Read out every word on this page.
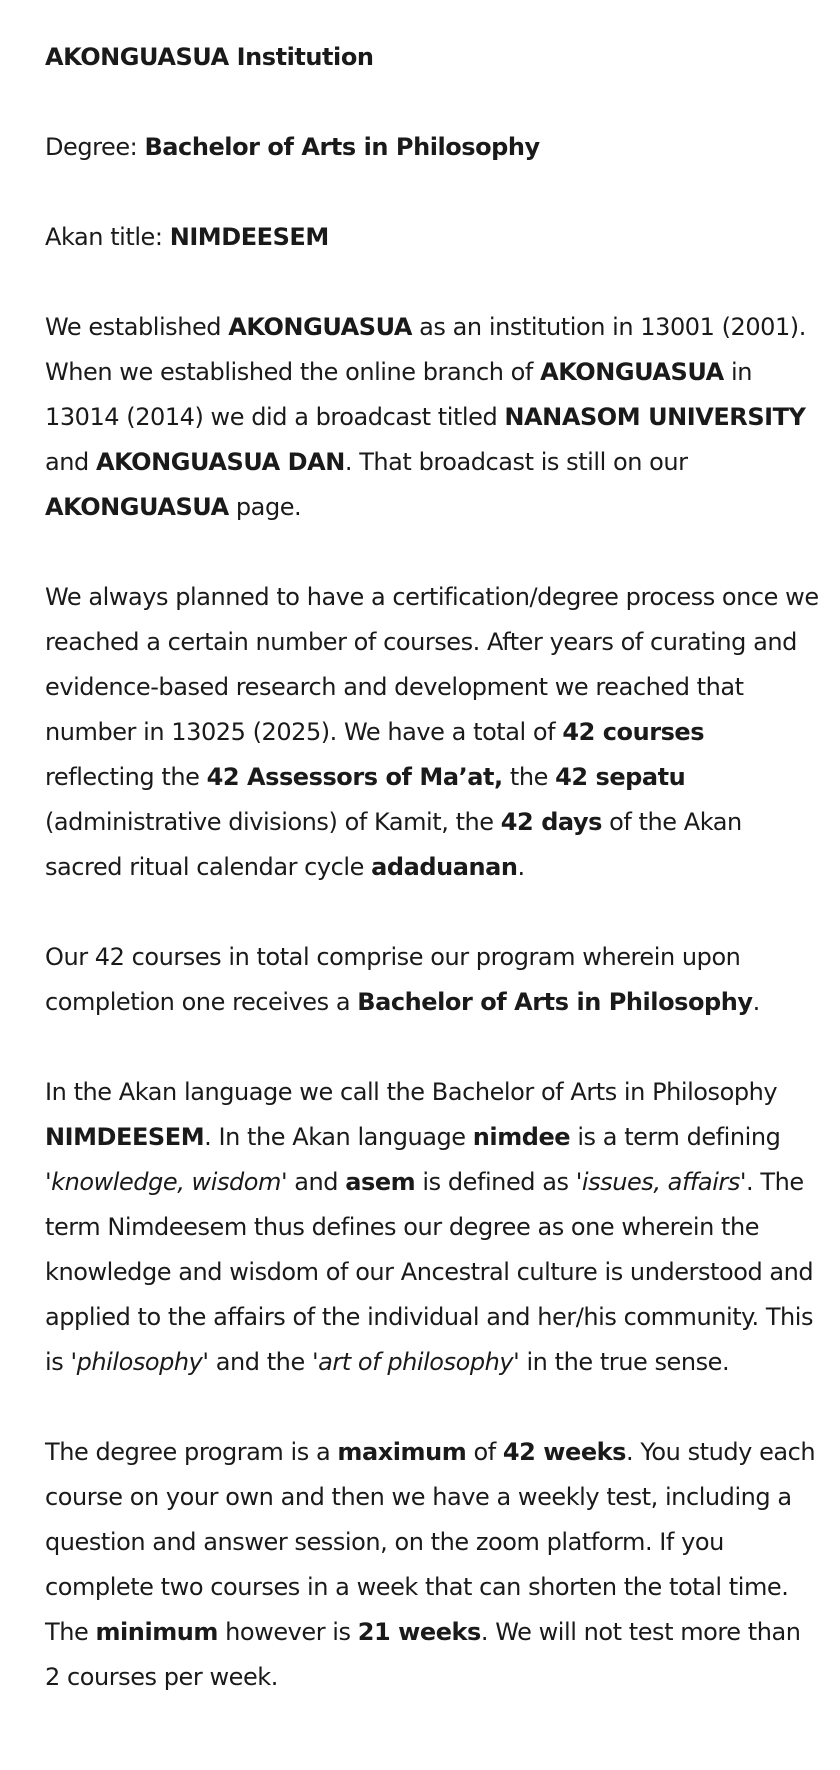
AKONGUASUA Institution

Degree: Bachelor of Arts in Philosophy

Akan title: NIMDEESEM

We established AKONGUASUA as an institution in 13001 (2001). When we established the online branch of AKONGUASUA in 13014 (2014) we did a broadcast titled NANASOM UNIVERSITY and AKONGUASUA DAN. That broadcast is still on our AKONGUASUA page.

We always planned to have a certification/degree process once we reached a certain number of courses. After years of curating and evidence-based research and development we reached that number in 13025 (2025). We have a total of 42 courses reflecting the 42 Assessors of Ma’at, the 42 sepatu (administrative divisions) of Kamit, the 42 days of the Akan sacred ritual calendar cycle adaduanan.

Our 42 courses in total comprise our program wherein upon completion one receives a Bachelor of Arts in Philosophy.

In the Akan language we call the Bachelor of Arts in Philosophy NIMDEESEM. In the Akan language nimdee is a term defining 'knowledge, wisdom' and asem is defined as 'issues, affairs'. The term Nimdeesem thus defines our degree as one wherein the knowledge and wisdom of our Ancestral culture is understood and applied to the affairs of the individual and her/his community. This is 'philosophy' and the 'art of philosophy' in the true sense.

The degree program is a maximum of 42 weeks. You study each course on your own and then we have a weekly test, including a question and answer session, on the zoom platform. If you complete two courses in a week that can shorten the total time. The minimum however is 21 weeks. We will not test more than 2 courses per week.
